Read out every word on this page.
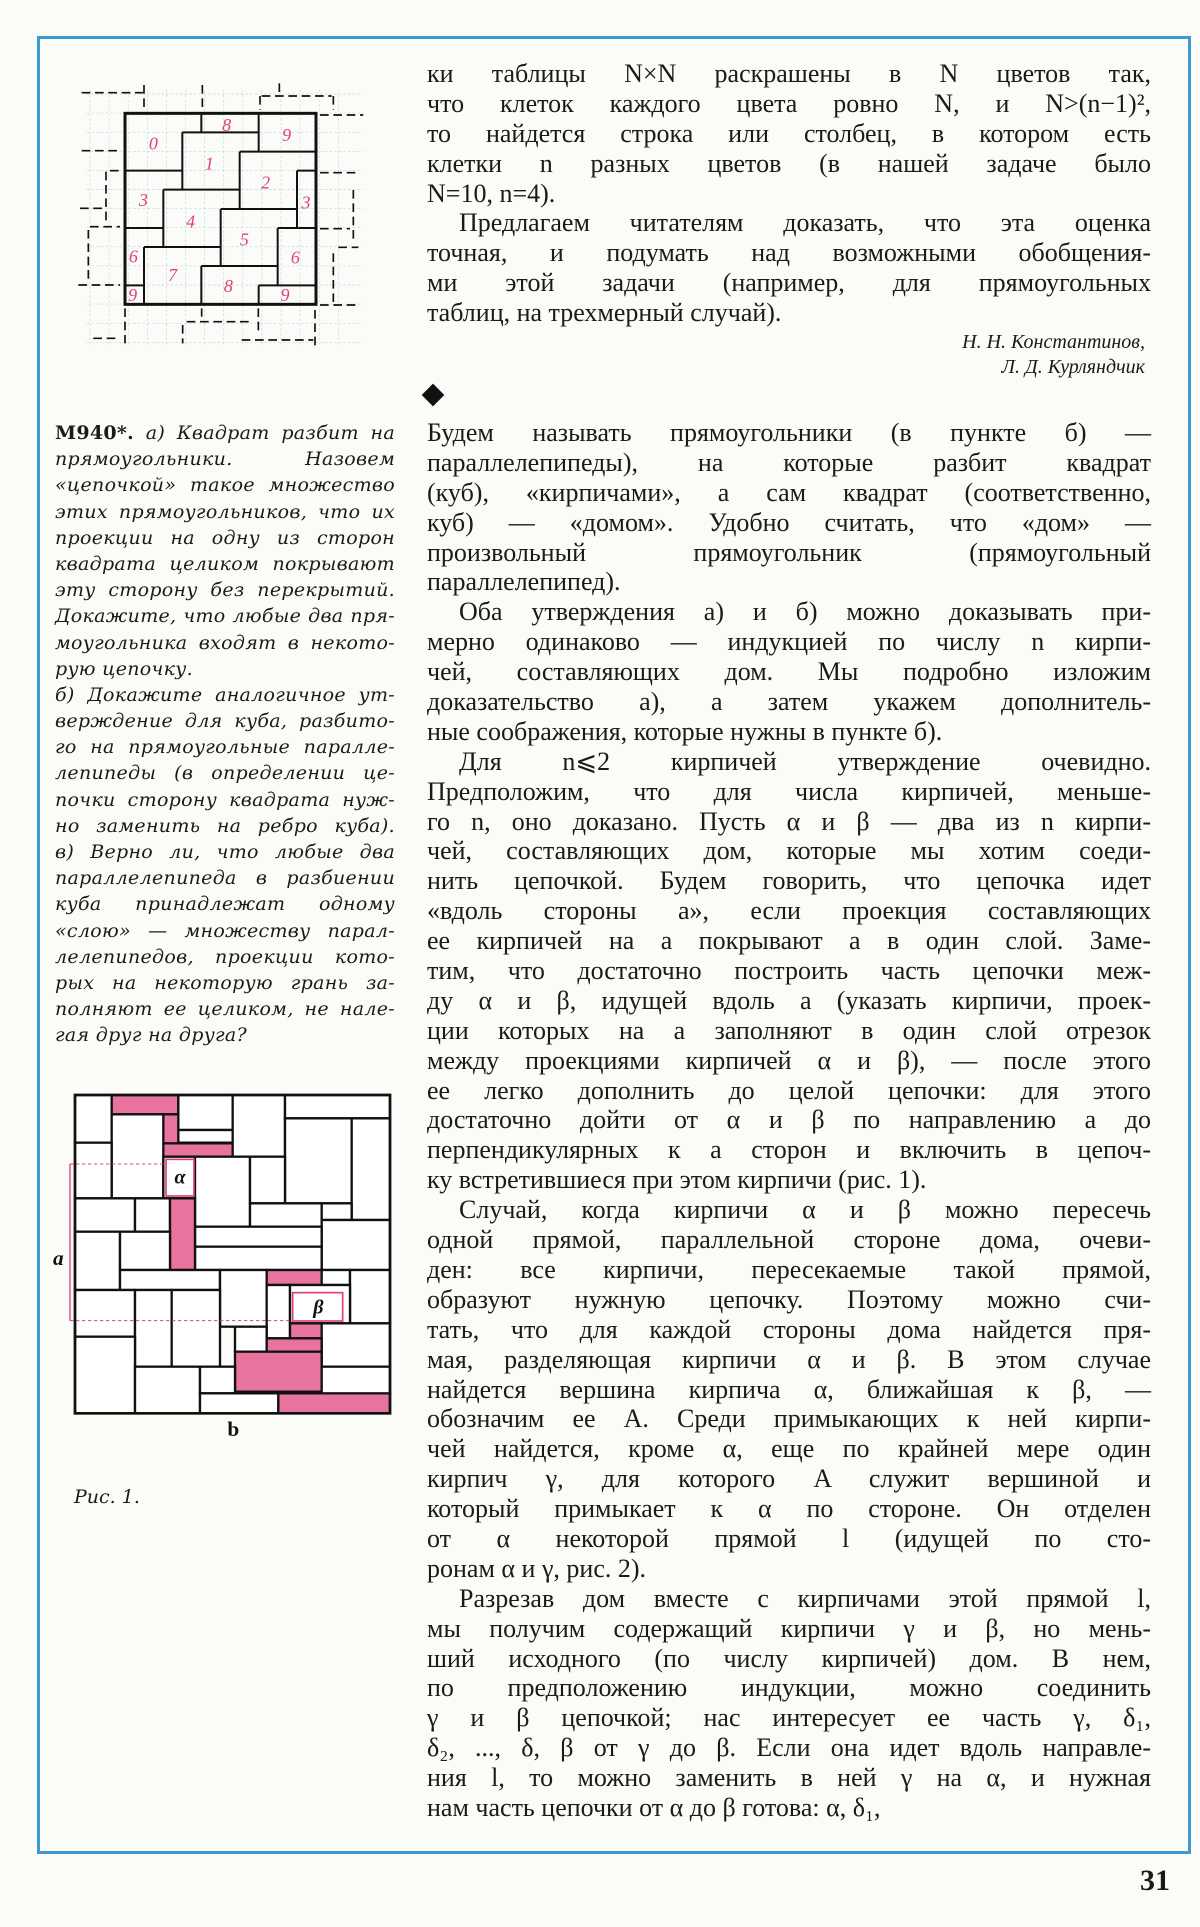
0
8 9
1
2
3	3
4
5
6	6
7
8
9	9
ки таблицы N×N раскрашены в N цветов так,
что клеток каждого цвета ровно N, и N>(n−1)²,
то найдется строка или столбец, в котором есть
клетки n разных цветов (в нашей задаче было
N=10, n=4).
Предлагаем читателям доказать, что эта оценка
точная, и подумать над возможными обобщения-
ми этой задачи (например, для прямоугольных
таблиц, на трехмерный случай).
Н. Н. Константинов,
Л. Д. Курляндчик
М940*. а) Квадрат разбит на
прямоугольники. Назовем
«цепочкой» такое множество
этих прямоугольников, что их
проекции на одну из сторон
квадрата целиком покрывают
эту сторону без перекрытий.
Докажите, что любые два пря-
моугольника входят в некото-
рую цепочку.
б) Докажите аналогичное ут-
верждение для куба, разбито-
го на прямоугольные паралле-
лепипеды (в определении це-
почки сторону квадрата нуж-
но заменить на ребро куба).
в) Верно ли, что любые два
параллелепипеда в разбиении
куба принадлежат одному
«слою» — множеству парал-
лелепипедов, проекции кото-
рых на некоторую грань за-
полняют ее целиком, не нале-
гая друг на друга?
Будем называть прямоугольники (в пункте б) —
параллелепипеды), на которые разбит квадрат
(куб), «кирпичами», а сам квадрат (соответственно,
куб) — «домом». Удобно считать, что «дом» —
произвольный прямоугольник (прямоугольный
параллелепипед).
Оба утверждения а) и б) можно доказывать при-
мерно одинаково — индукцией по числу n кирпи-
чей, составляющих дом. Мы подробно изложим
доказательство а), а затем укажем дополнитель-
ные соображения, которые нужны в пункте б).
Для n⩽2 кирпичей утверждение очевидно.
Предположим, что для числа кирпичей, меньше-
го n, оно доказано. Пусть α и β — два из n кирпи-
чей, составляющих дом, которые мы хотим соеди-
нить цепочкой. Будем говорить, что цепочка идет
«вдоль стороны a», если проекция составляющих
ее кирпичей на a покрывают a в один слой. Заме-
тим, что достаточно построить часть цепочки меж-
ду α и β, идущей вдоль a (указать кирпичи, проек-
ции которых на a заполняют в один слой отрезок
между проекциями кирпичей α и β), — после этого
ее легко дополнить до целой цепочки: для этого
достаточно дойти от α и β по направлению a до
перпендикулярных к a сторон и включить в цепоч-
ку встретившиеся при этом кирпичи (рис. 1).
Случай, когда кирпичи α и β можно пересечь
одной прямой, параллельной стороне дома, очеви-
ден: все кирпичи, пересекаемые такой прямой,
образуют нужную цепочку. Поэтому можно счи-
тать, что для каждой стороны дома найдется пря-
мая, разделяющая кирпичи α и β. В этом случае
найдется вершина кирпича α, ближайшая к β, —
обозначим ее A. Среди примыкающих к ней кирпи-
чей найдется, кроме α, еще по крайней мере один
кирпич γ, для которого A служит вершиной и
который примыкает к α по стороне. Он отделен
от α некоторой прямой l (идущей по сто-
ронам α и γ, рис. 2).
Разрезав дом вместе с кирпичами этой прямой l,
мы получим содержащий кирпичи γ и β, но мень-
ший исходного (по числу кирпичей) дом. В нем,
по предположению индукции, можно соединить
γ и β цепочкой; нас интересует ее часть γ, δ₁,
δ₂, ..., δ, β от γ до β. Если она идет вдоль направле-
ния l, то можно заменить в ней γ на α, и нужная
нам часть цепочки от α до β готова: α, δ₁,
α
β
a
b
Рис. 1.
31
